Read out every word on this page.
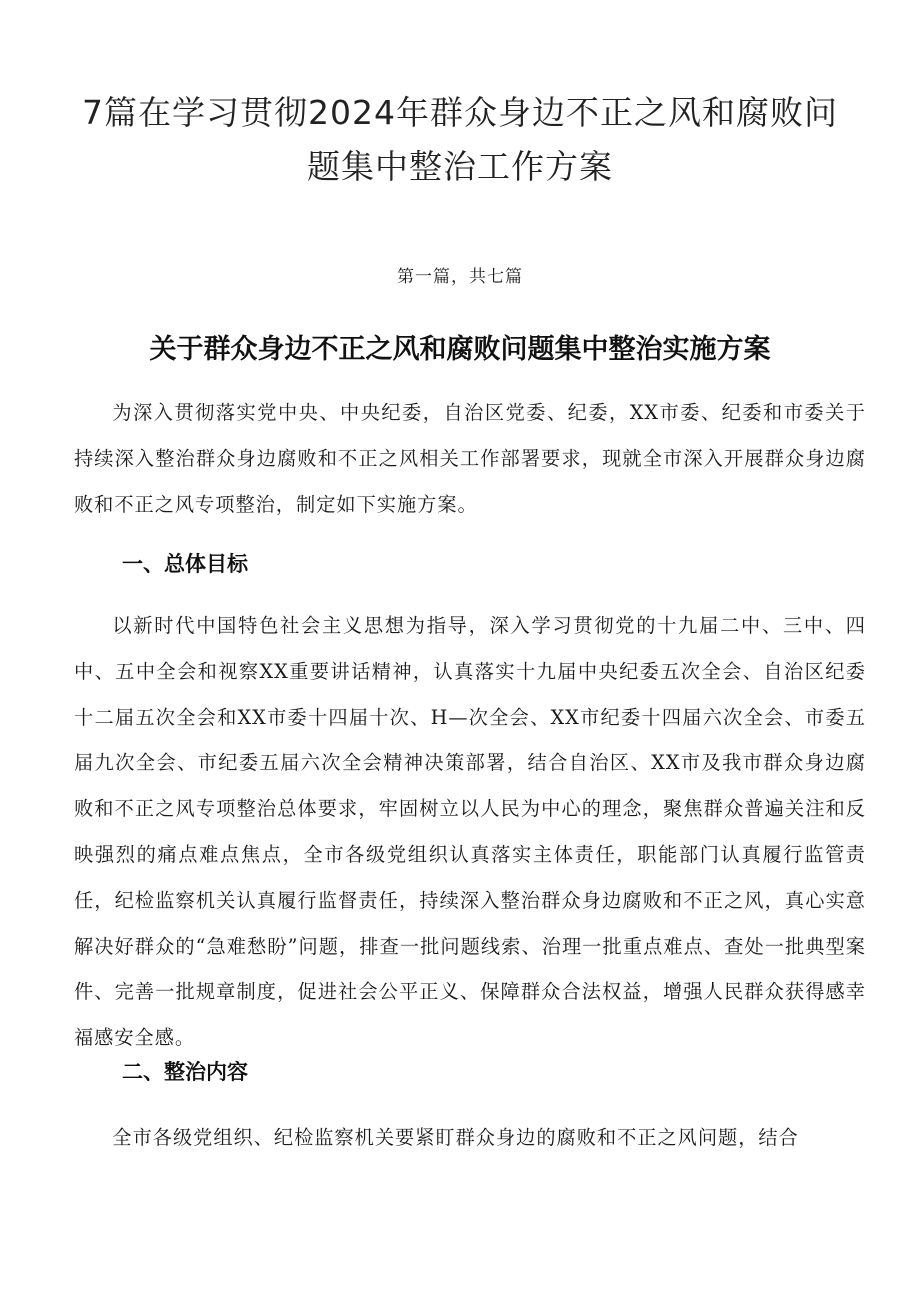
7篇在学习贯彻2024年群众身边不正之风和腐败问题集中整治工作方案

第一篇，共七篇

关于群众身边不正之风和腐败问题集中整治实施方案

为深入贯彻落实党中央、中央纪委，自治区党委、纪委，XX市委、纪委和市委关于持续深入整治群众身边腐败和不正之风相关工作部署要求，现就全市深入开展群众身边腐败和不正之风专项整治，制定如下实施方案。

一、总体目标

以新时代中国特色社会主义思想为指导，深入学习贯彻党的十九届二中、三中、四中、五中全会和视察XX重要讲话精神，认真落实十九届中央纪委五次全会、自治区纪委十二届五次全会和XX市委十四届十次、H—次全会、XX市纪委十四届六次全会、市委五届九次全会、市纪委五届六次全会精神决策部署，结合自治区、XX市及我市群众身边腐败和不正之风专项整治总体要求，牢固树立以人民为中心的理念，聚焦群众普遍关注和反映强烈的痛点难点焦点，全市各级党组织认真落实主体责任，职能部门认真履行监管责任，纪检监察机关认真履行监督责任，持续深入整治群众身边腐败和不正之风，真心实意解决好群众的“急难愁盼”问题，排查一批问题线索、治理一批重点难点、查处一批典型案件、完善一批规章制度，促进社会公平正义、保障群众合法权益，增强人民群众获得感幸福感安全感。

二、整治内容

全市各级党组织、纪检监察机关要紧盯群众身边的腐败和不正之风问题，结合
